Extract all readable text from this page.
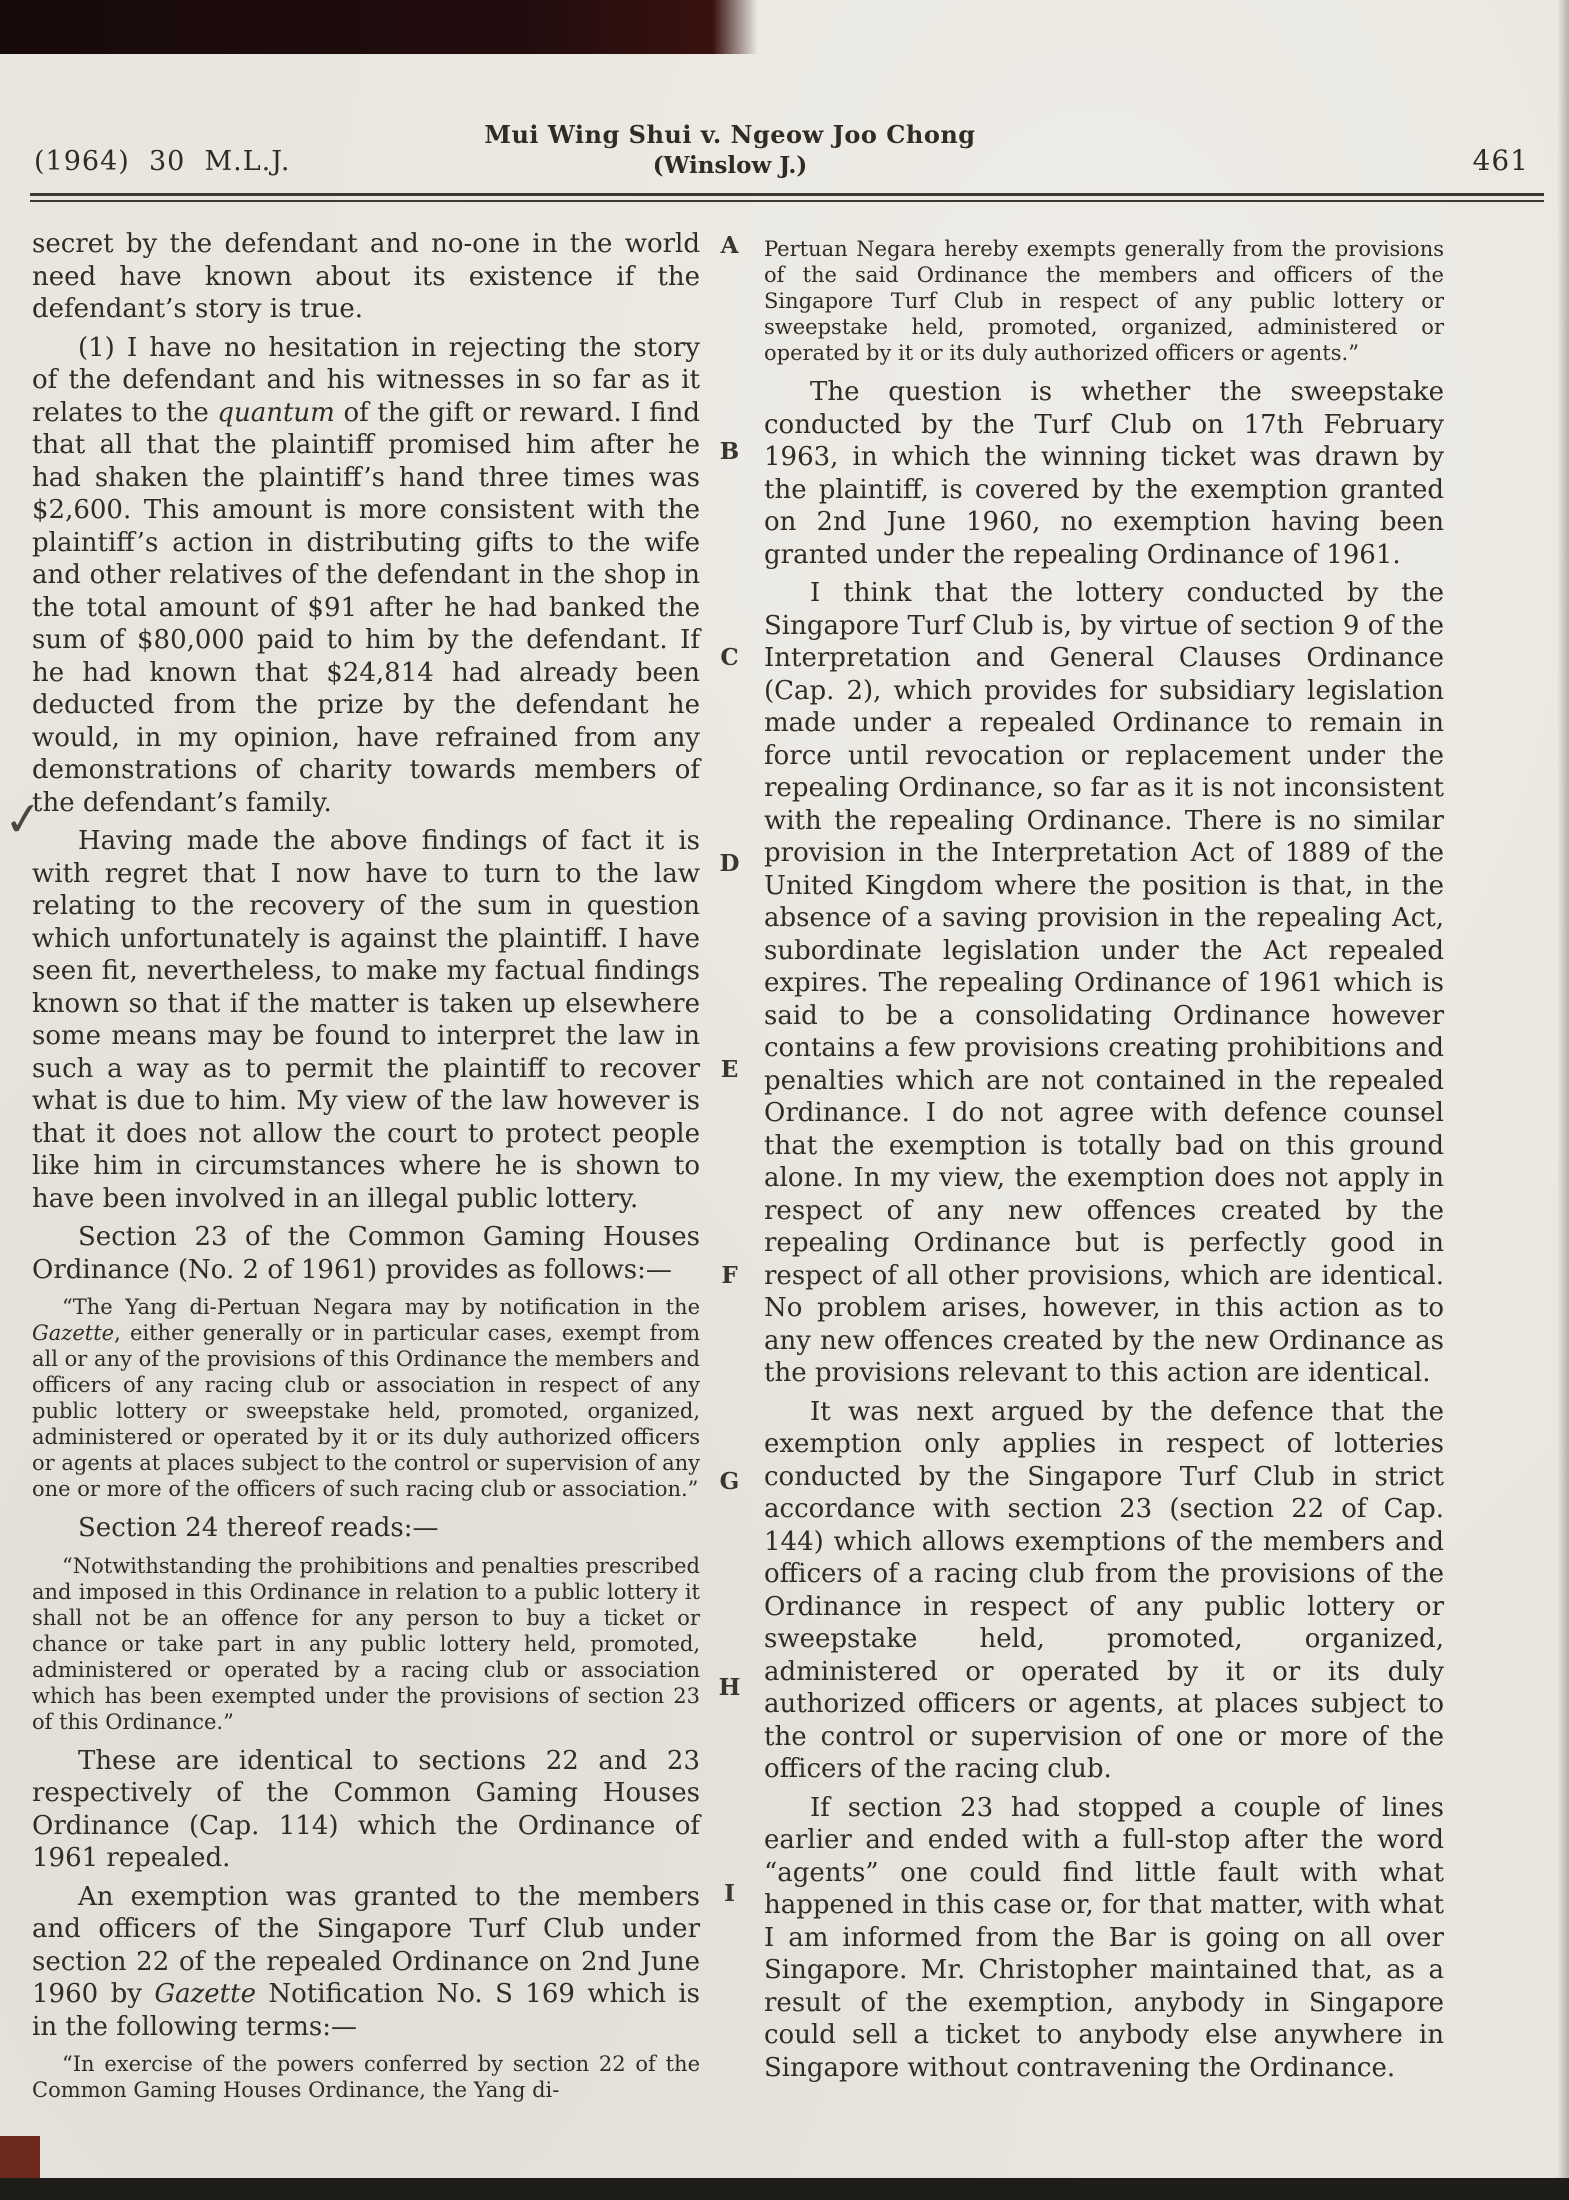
(1964)  30  M.L.J.
Mui Wing Shui v. Ngeow Joo Chong
(Winslow J.)	461

secret by the defendant and no-one in the world need have known about its existence if the defendant’s story is true.

(1) I have no hesitation in rejecting the story of the defendant and his witnesses in so far as it relates to the quantum of the gift or reward. I find that all that the plaintiff promised him after he had shaken the plaintiff’s hand three times was $2,600. This amount is more consistent with the plaintiff’s action in distributing gifts to the wife and other relatives of the defendant in the shop in the total amount of $91 after he had banked the sum of $80,000 paid to him by the defendant. If he had known that $24,814 had already been deducted from the prize by the defendant he would, in my opinion, have refrained from any demonstrations of charity towards members of the defendant’s family.

Having made the above findings of fact it is with regret that I now have to turn to the law relating to the recovery of the sum in question which unfortunately is against the plaintiff. I have seen fit, nevertheless, to make my factual findings known so that if the matter is taken up elsewhere some means may be found to interpret the law in such a way as to permit the plaintiff to recover what is due to him. My view of the law however is that it does not allow the court to protect people like him in circumstances where he is shown to have been involved in an illegal public lottery.

Section 23 of the Common Gaming Houses Ordinance (No. 2 of 1961) provides as follows:—

“The Yang di-Pertuan Negara may by notification in the Gazette, either generally or in particular cases, exempt from all or any of the provisions of this Ordinance the members and officers of any racing club or association in respect of any public lottery or sweepstake held, promoted, organized, administered or operated by it or its duly authorized officers or agents at places subject to the control or supervision of any one or more of the officers of such racing club or association.”

Section 24 thereof reads:—

“Notwithstanding the prohibitions and penalties prescribed and imposed in this Ordinance in relation to a public lottery it shall not be an offence for any person to buy a ticket or chance or take part in any public lottery held, promoted, administered or operated by a racing club or association which has been exempted under the provisions of section 23 of this Ordinance.”

These are identical to sections 22 and 23 respectively of the Common Gaming Houses Ordinance (Cap. 114) which the Ordinance of 1961 repealed.

An exemption was granted to the members and officers of the Singapore Turf Club under section 22 of the repealed Ordinance on 2nd June 1960 by Gazette Notification No. S 169 which is in the following terms:—

“In exercise of the powers conferred by section 22 of the Common Gaming Houses Ordinance, the Yang di-

A
B
C
D
E
F
G
H
I
✓

Pertuan Negara hereby exempts generally from the provisions of the said Ordinance the members and officers of the Singapore Turf Club in respect of any public lottery or sweepstake held, promoted, organized, administered or operated by it or its duly authorized officers or agents.”

The question is whether the sweepstake conducted by the Turf Club on 17th February 1963, in which the winning ticket was drawn by the plaintiff, is covered by the exemption granted on 2nd June 1960, no exemption having been granted under the repealing Ordinance of 1961.

I think that the lottery conducted by the Singapore Turf Club is, by virtue of section 9 of the Interpretation and General Clauses Ordinance (Cap. 2), which provides for subsidiary legislation made under a repealed Ordinance to remain in force until revocation or replacement under the repealing Ordinance, so far as it is not inconsistent with the repealing Ordinance. There is no similar provision in the Interpretation Act of 1889 of the United Kingdom where the position is that, in the absence of a saving provision in the repealing Act, subordinate legislation under the Act repealed expires. The repealing Ordinance of 1961 which is said to be a consolidating Ordinance however contains a few provisions creating prohibitions and penalties which are not contained in the repealed Ordinance. I do not agree with defence counsel that the exemption is totally bad on this ground alone. In my view, the exemption does not apply in respect of any new offences created by the repealing Ordinance but is perfectly good in respect of all other provisions, which are identical. No problem arises, however, in this action as to any new offences created by the new Ordinance as the provisions relevant to this action are identical.

It was next argued by the defence that the exemption only applies in respect of lotteries conducted by the Singapore Turf Club in strict accordance with section 23 (section 22 of Cap. 144) which allows exemptions of the members and officers of a racing club from the provisions of the Ordinance in respect of any public lottery or sweepstake held, promoted, organized, administered or operated by it or its duly authorized officers or agents, at places subject to the control or supervision of one or more of the officers of the racing club.

If section 23 had stopped a couple of lines earlier and ended with a full-stop after the word “agents” one could find little fault with what happened in this case or, for that matter, with what I am informed from the Bar is going on all over Singapore. Mr. Christopher maintained that, as a result of the exemption, anybody in Singapore could sell a ticket to anybody else anywhere in Singapore without contravening the Ordinance.
